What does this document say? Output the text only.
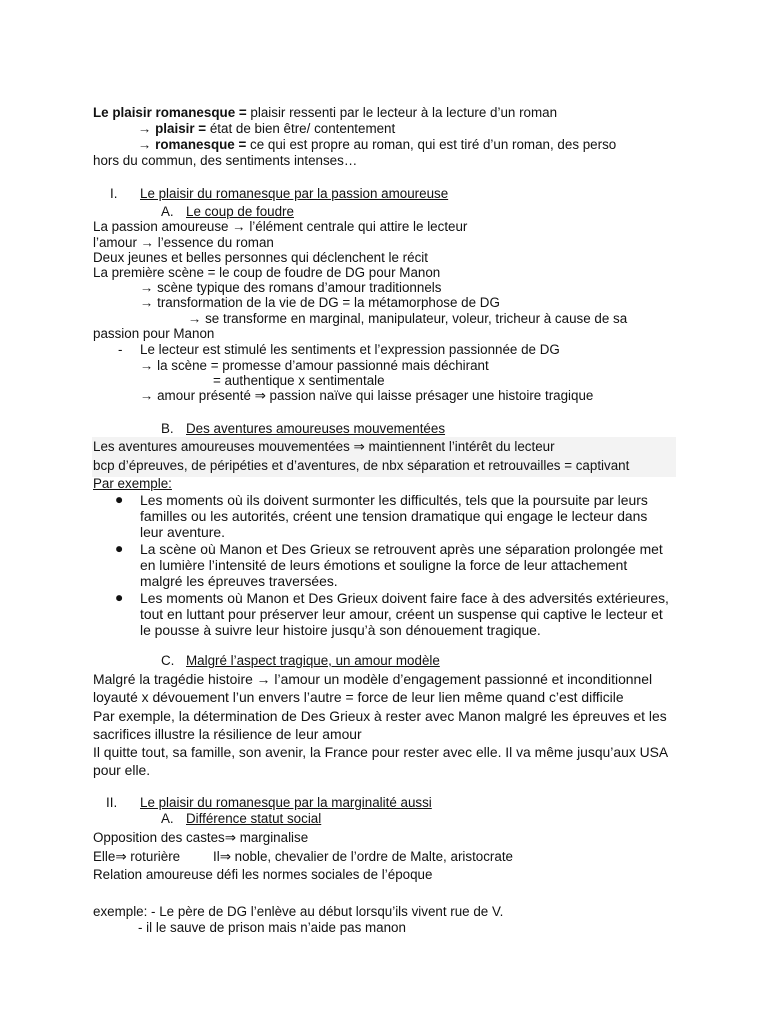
Le plaisir romanesque = plaisir ressenti par le lecteur à la lecture d’un roman
→ plaisir = état de bien être/ contentement
→ romanesque = ce qui est propre au roman, qui est tiré d’un roman, des perso
hors du commun, des sentiments intenses…
I. Le plaisir du romanesque par la passion amoureuse
A. Le coup de foudre
La passion amoureuse → l’élément centrale qui attire le lecteur
l’amour → l’essence du roman
Deux jeunes et belles personnes qui déclenchent le récit
La première scène = le coup de foudre de DG pour Manon
→ scène typique des romans d’amour traditionnels
→ transformation de la vie de DG = la métamorphose de DG
→ se transforme en marginal, manipulateur, voleur, tricheur à cause de sa
passion pour Manon
- Le lecteur est stimulé les sentiments et l’expression passionnée de DG
→ la scène = promesse d’amour passionné mais déchirant
= authentique x sentimentale
→ amour présenté ⇒ passion naïve qui laisse présager une histoire tragique
B. Des aventures amoureuses mouvementées
Les aventures amoureuses mouvementées ⇒ maintiennent l’intérêt du lecteur
bcp d’épreuves, de péripéties et d’aventures, de nbx séparation et retrouvailles = captivant
Par exemple:
● Les moments où ils doivent surmonter les difficultés, tels que la poursuite par leurs
familles ou les autorités, créent une tension dramatique qui engage le lecteur dans
leur aventure.
● La scène où Manon et Des Grieux se retrouvent après une séparation prolongée met
en lumière l’intensité de leurs émotions et souligne la force de leur attachement
malgré les épreuves traversées.
● Les moments où Manon et Des Grieux doivent faire face à des adversités extérieures,
tout en luttant pour préserver leur amour, créent un suspense qui captive le lecteur et
le pousse à suivre leur histoire jusqu’à son dénouement tragique.
C. Malgré l’aspect tragique, un amour modèle
Malgré la tragédie histoire → l’amour un modèle d’engagement passionné et inconditionnel
loyauté x dévouement l’un envers l’autre = force de leur lien même quand c’est difficile
Par exemple, la détermination de Des Grieux à rester avec Manon malgré les épreuves et les
sacrifices illustre la résilience de leur amour
Il quitte tout, sa famille, son avenir, la France pour rester avec elle. Il va même jusqu’aux USA
pour elle.
II. Le plaisir du romanesque par la marginalité aussi
A. Différence statut social
Opposition des castes⇒ marginalise
Elle⇒ roturière Il⇒ noble, chevalier de l’ordre de Malte, aristocrate
Relation amoureuse défi les normes sociales de l’époque
exemple: - Le père de DG l’enlève au début lorsqu’ils vivent rue de V.
- il le sauve de prison mais n’aide pas manon
